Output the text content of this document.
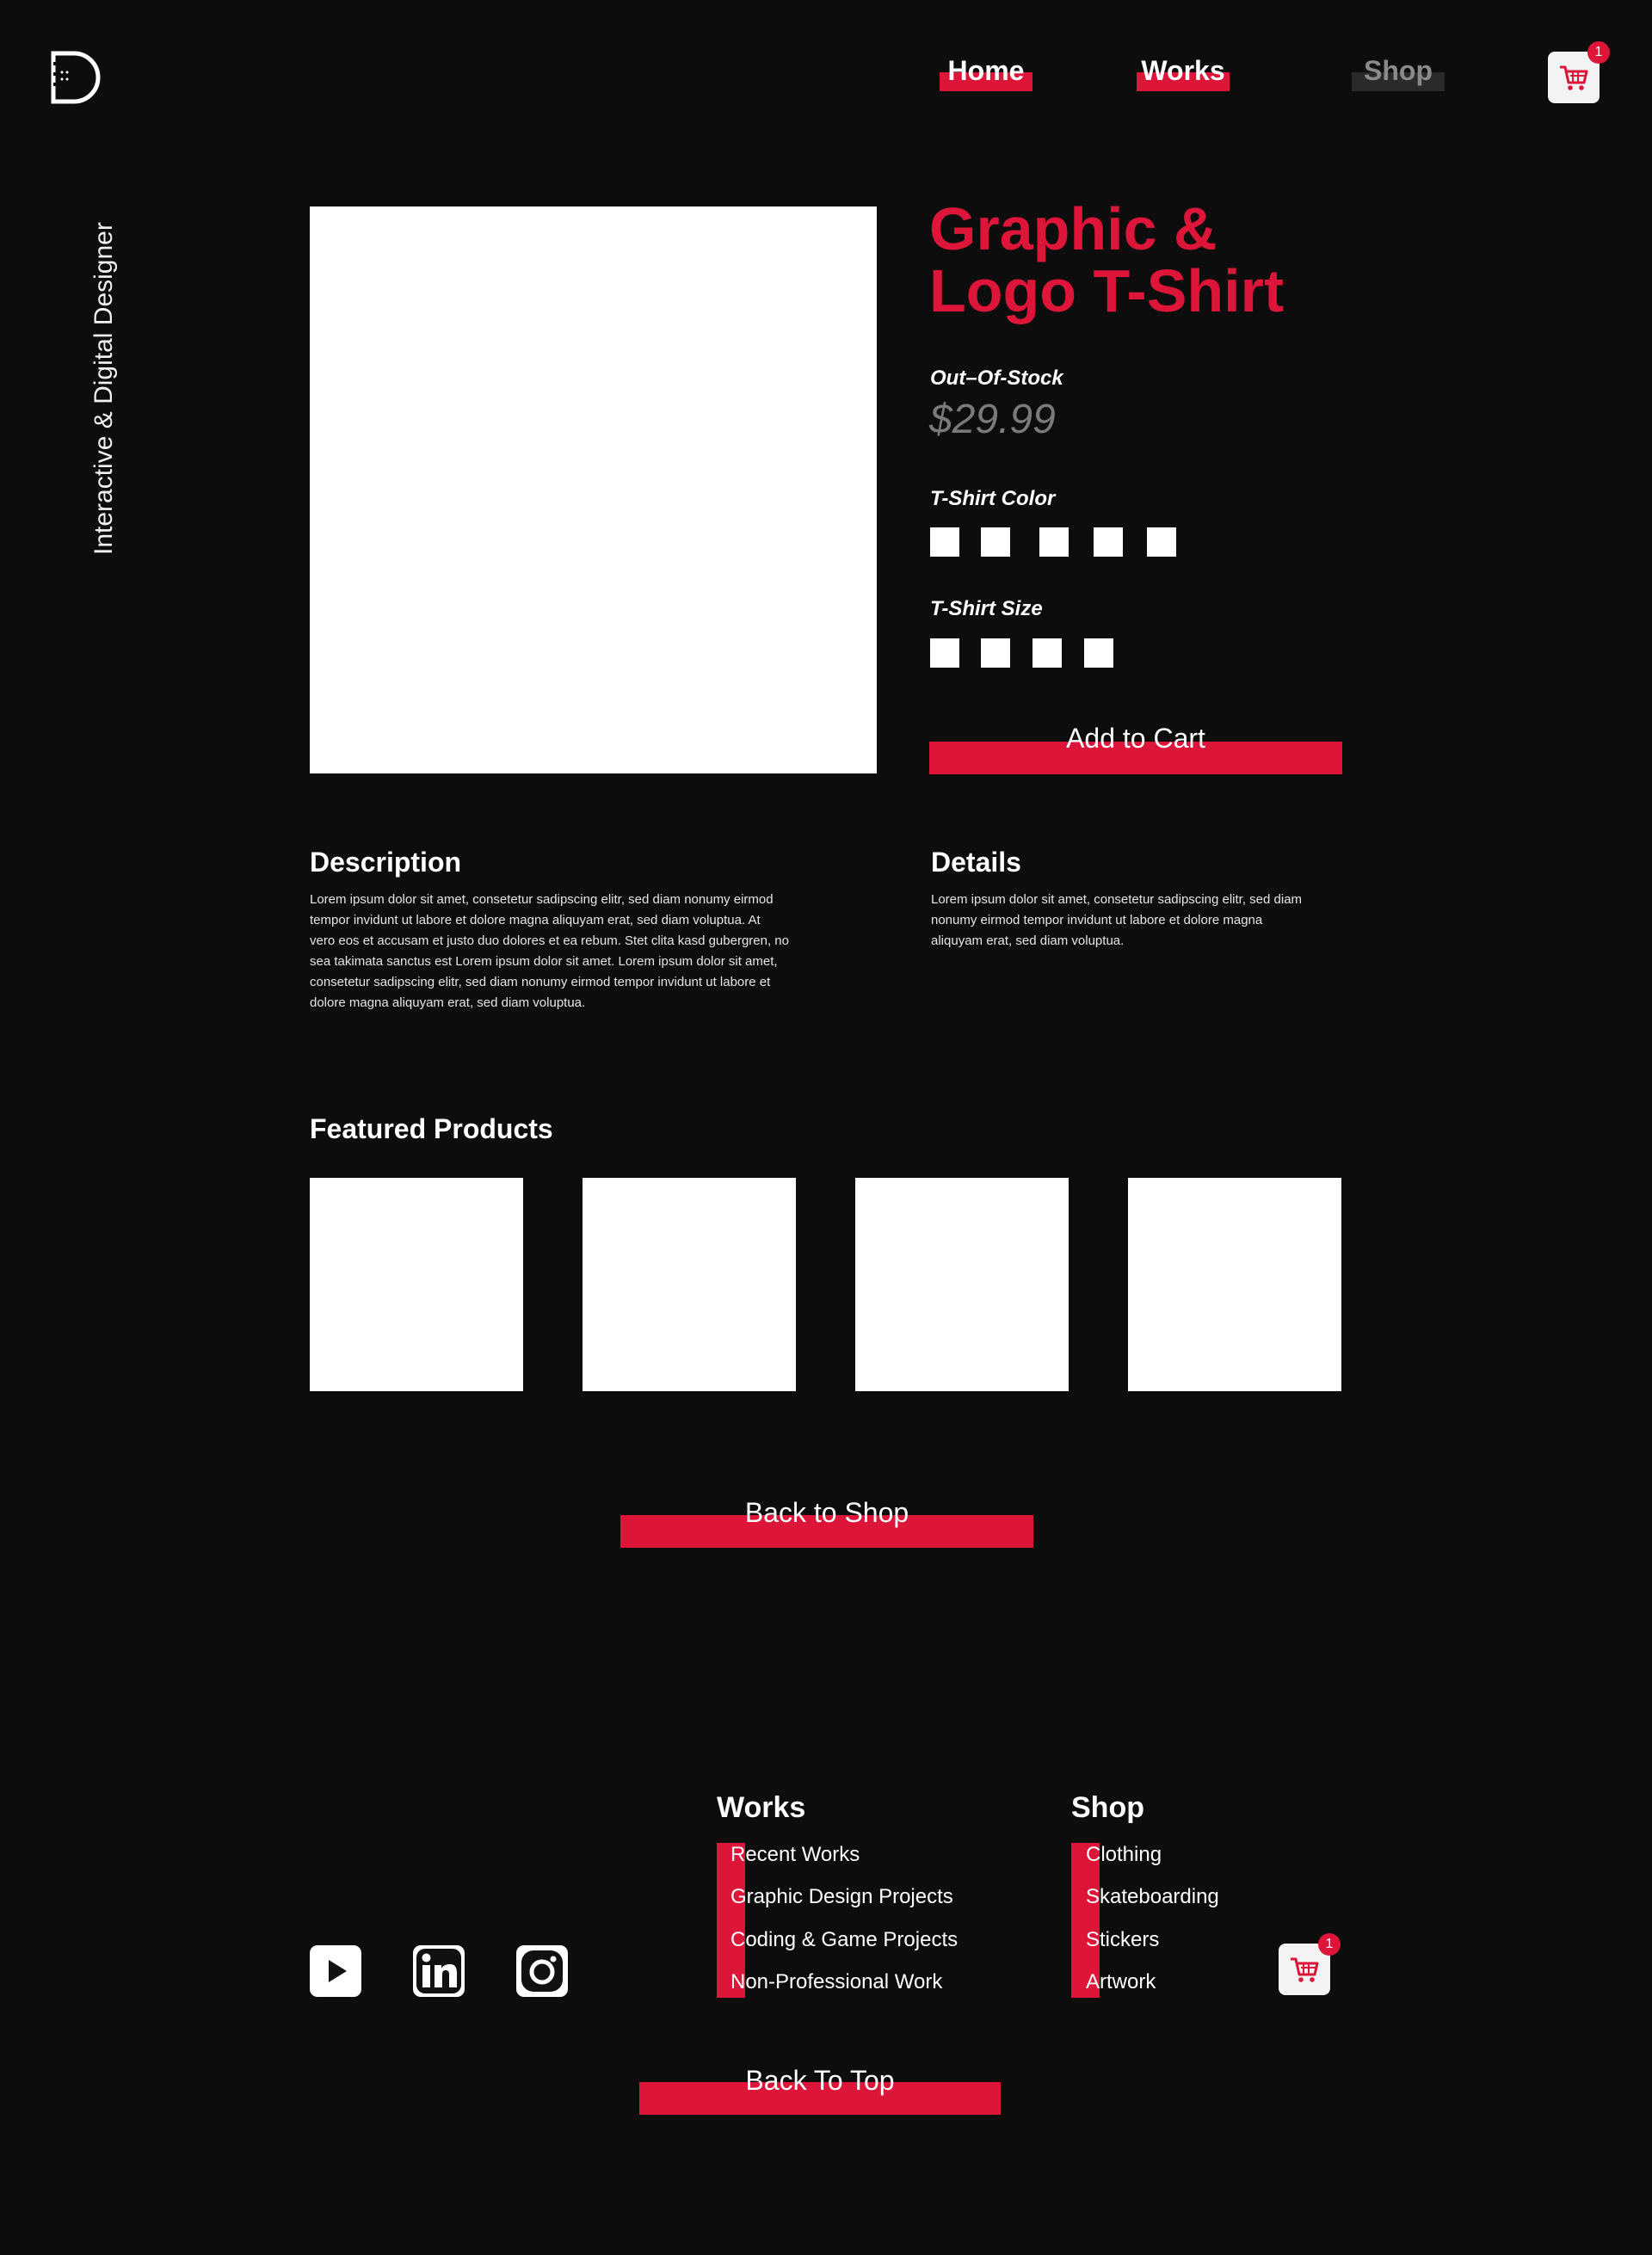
Home	Works	Shop
1
Interactive & Digital Designer	Graphic &
Logo T-Shirt
Out–Of-Stock
$29.99
T-Shirt Color
T-Shirt Size
Add to Cart
Description
Lorem ipsum dolor sit amet, consetetur sadipscing elitr, sed diam nonumy eirmod
tempor invidunt ut labore et dolore magna aliquyam erat, sed diam voluptua. At
vero eos et accusam et justo duo dolores et ea rebum. Stet clita kasd gubergren, no
sea takimata sanctus est Lorem ipsum dolor sit amet. Lorem ipsum dolor sit amet,
consetetur sadipscing elitr, sed diam nonumy eirmod tempor invidunt ut labore et
dolore magna aliquyam erat, sed diam voluptua.
Details
Lorem ipsum dolor sit amet, consetetur sadipscing elitr, sed diam
nonumy eirmod tempor invidunt ut labore et dolore magna
aliquyam erat, sed diam voluptua.
Featured Products
Back to Shop
Works
Recent Works
Graphic Design Projects
Coding & Game Projects
Non-Professional Work
Shop
Clothing
Skateboarding
Stickers
Artwork
1
Back To Top
